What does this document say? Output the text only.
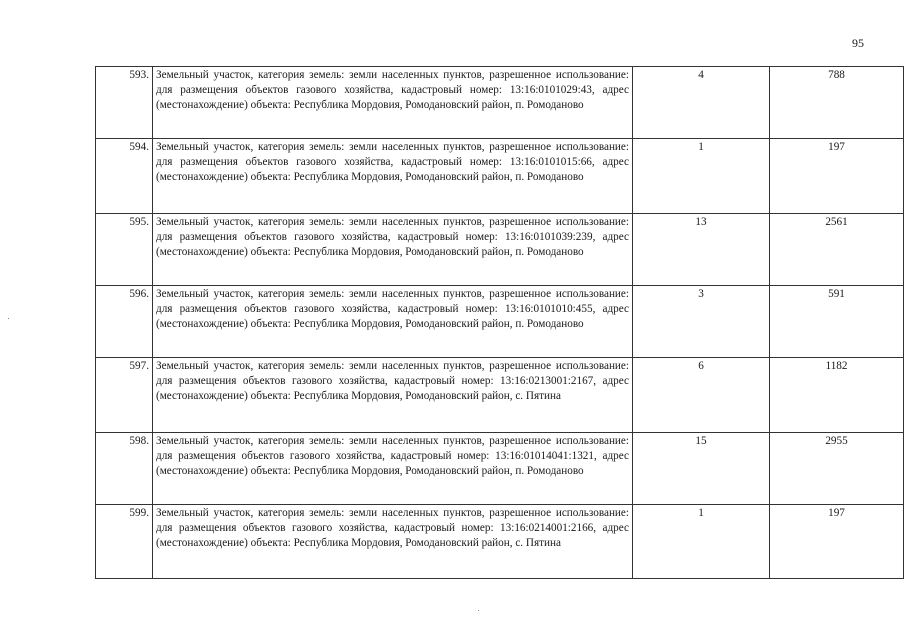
95
593.	Земельный участок, категория земель: земли населенных пунктов, разрешенное использование: для размещения объектов газового хозяйства, кадастровый номер: 13:16:0101029:43, адрес (местонахождение) объекта: Республика Мордовия, Ромодановский район, п. Ромоданово	4	788
594.	Земельный участок, категория земель: земли населенных пунктов, разрешенное использование: для размещения объектов газового хозяйства, кадастровый номер: 13:16:0101015:66, адрес (местонахождение) объекта: Республика Мордовия, Ромодановский район, п. Ромоданово	1	197
595.	Земельный участок, категория земель: земли населенных пунктов, разрешенное использование: для размещения объектов газового хозяйства, кадастровый номер: 13:16:0101039:239, адрес (местонахождение) объекта: Республика Мордовия, Ромодановский район, п. Ромоданово	13	2561
596.	Земельный участок, категория земель: земли населенных пунктов, разрешенное использование: для размещения объектов газового хозяйства, кадастровый номер: 13:16:0101010:455, адрес (местонахождение) объекта: Республика Мордовия, Ромодановский район, п. Ромоданово	3	591
597.	Земельный участок, категория земель: земли населенных пунктов, разрешенное использование: для размещения объектов газового хозяйства, кадастровый номер: 13:16:0213001:2167, адрес (местонахождение) объекта: Республика Мордовия, Ромодановский район, с. Пятина	6	1182
598.	Земельный участок, категория земель: земли населенных пунктов, разрешенное использование: для размещения объектов газового хозяйства, кадастровый номер: 13:16:01014041:1321, адрес (местонахождение) объекта: Республика Мордовия, Ромодановский район, п. Ромоданово	15	2955
599.	Земельный участок, категория земель: земли населенных пунктов, разрешенное использование: для размещения объектов газового хозяйства, кадастровый номер: 13:16:0214001:2166, адрес (местонахождение) объекта: Республика Мордовия, Ромодановский район, с. Пятина	1	197
